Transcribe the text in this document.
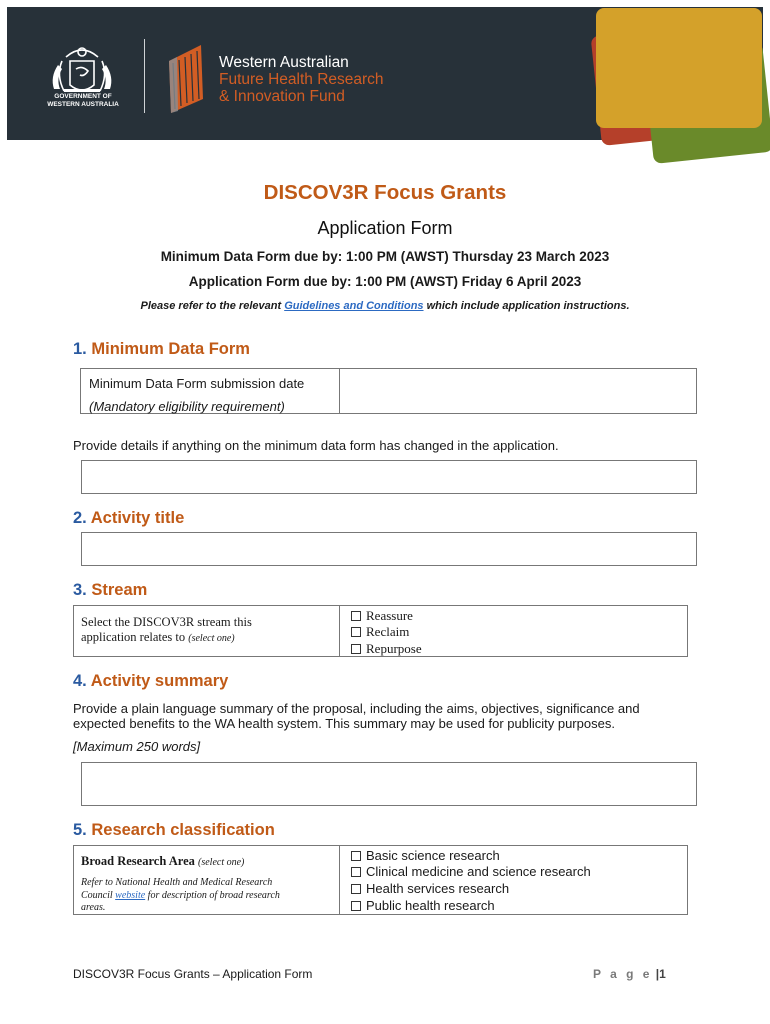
GOVERNMENT OF
WESTERN AUSTRALIA
Western Australian
Future Health Research
& Innovation Fund
DISCOV3R Focus Grants
Application Form
Minimum Data Form due by: 1:00 PM (AWST) Thursday 23 March 2023
Application Form due by: 1:00 PM (AWST) Friday 6 April 2023
Please refer to the relevant Guidelines and Conditions which include application instructions.
1. Minimum Data Form
Minimum Data Form submission date
(Mandatory eligibility requirement)
Provide details if anything on the minimum data form has changed in the application.
2. Activity title
3. Stream
Select the DISCOV3R stream this
application relates to (select one)
Reassure
Reclaim
Repurpose
4. Activity summary
Provide a plain language summary of the proposal, including the aims, objectives, significance and
expected benefits to the WA health system. This summary may be used for publicity purposes.
[Maximum 250 words]
5. Research classification
Broad Research Area (select one)
Refer to National Health and Medical Research
Council website for description of broad research
areas.
Basic science research
Clinical medicine and science research
Health services research
Public health research
DISCOV3R Focus Grants – Application Form	P a g e |1
